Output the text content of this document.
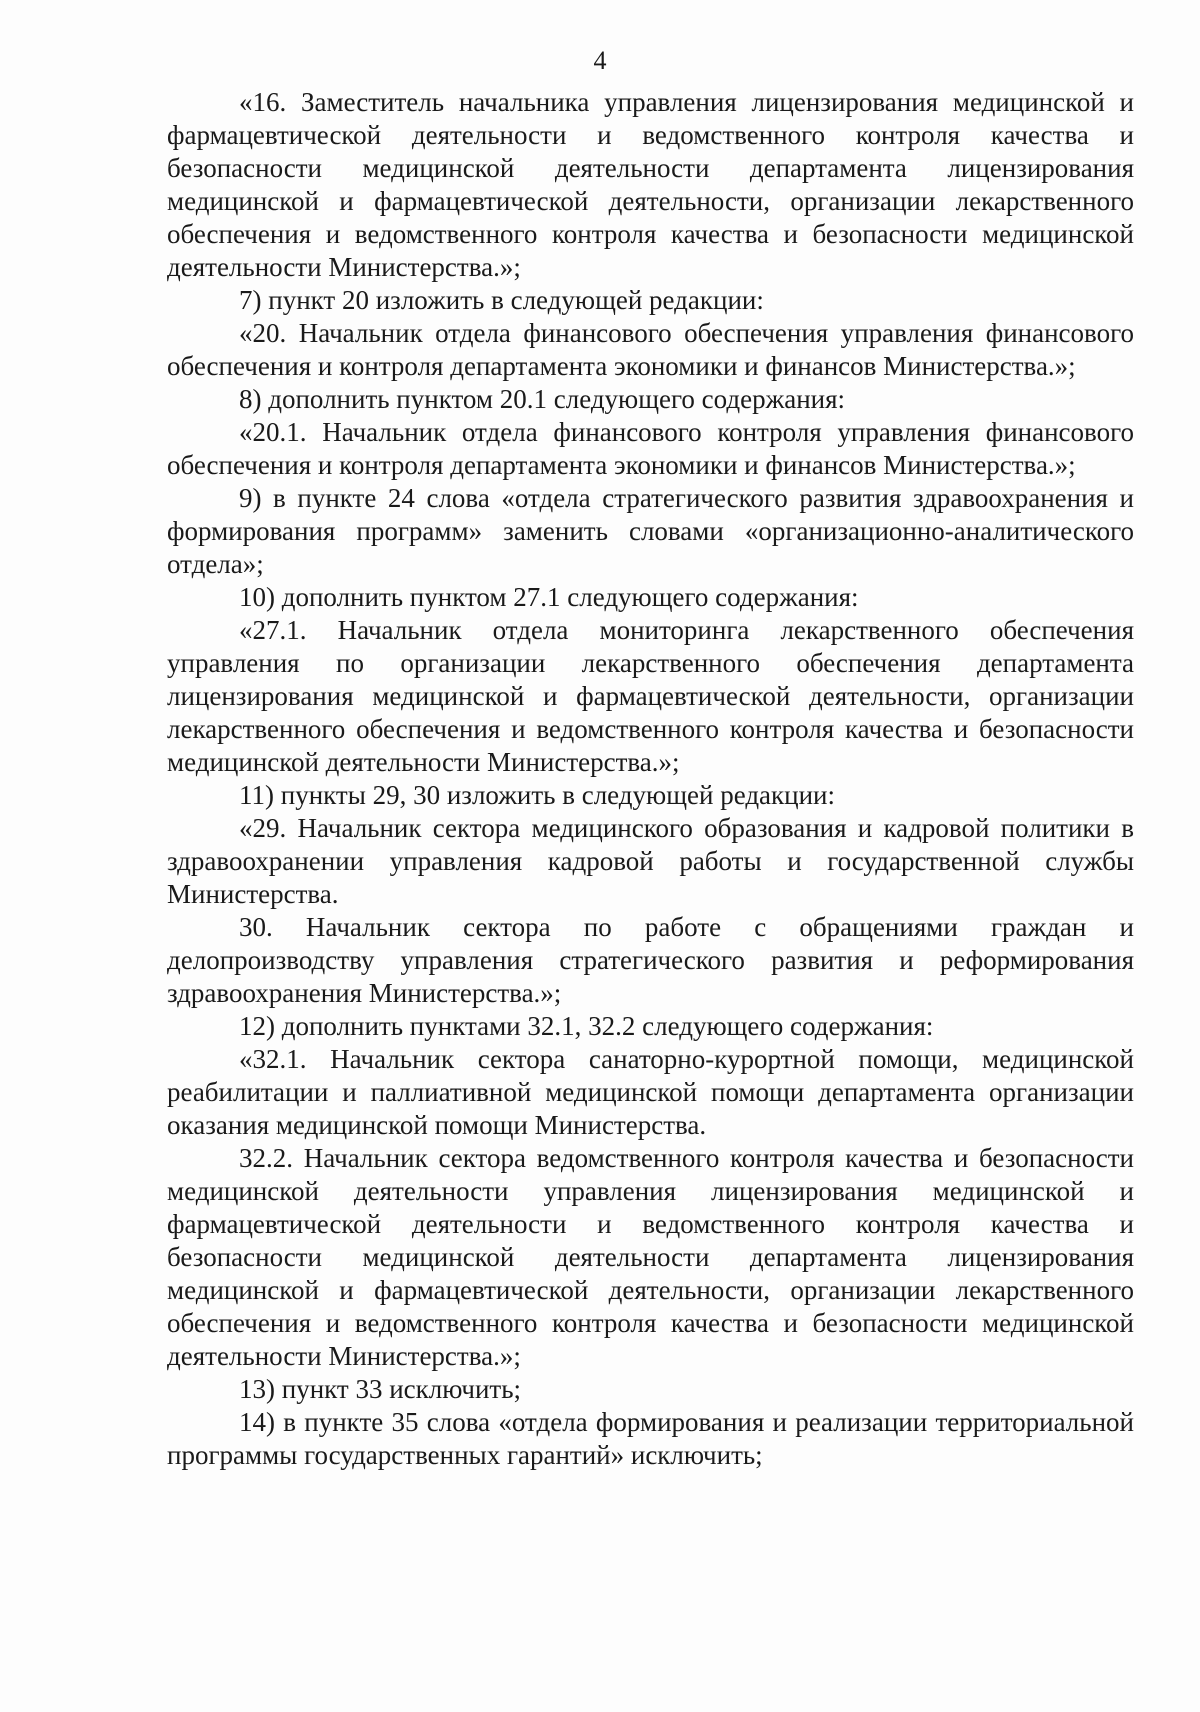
4

«16. Заместитель начальника управления лицензирования медицинской и фармацевтической деятельности и ведомственного контроля качества и безопасности медицинской деятельности департамента лицензирования медицинской и фармацевтической деятельности, организации лекарственного обеспечения и ведомственного контроля качества и безопасности медицинской деятельности Министерства.»;

7) пункт 20 изложить в следующей редакции:

«20. Начальник отдела финансового обеспечения управления финансового обеспечения и контроля департамента экономики и финансов Министерства.»;

8) дополнить пунктом 20.1 следующего содержания:

«20.1. Начальник отдела финансового контроля управления финансового обеспечения и контроля департамента экономики и финансов Министерства.»;

9) в пункте 24 слова «отдела стратегического развития здравоохранения и формирования программ» заменить словами «организационно-аналитического отдела»;

10) дополнить пунктом 27.1 следующего содержания:

«27.1. Начальник отдела мониторинга лекарственного обеспечения управления по организации лекарственного обеспечения департамента лицензирования медицинской и фармацевтической деятельности, организации лекарственного обеспечения и ведомственного контроля качества и безопасности медицинской деятельности Министерства.»;

11) пункты 29, 30 изложить в следующей редакции:

«29. Начальник сектора медицинского образования и кадровой политики в здравоохранении управления кадровой работы и государственной службы Министерства.

30. Начальник сектора по работе с обращениями граждан и делопроизводству управления стратегического развития и реформирования здравоохранения Министерства.»;

12) дополнить пунктами 32.1, 32.2 следующего содержания:

«32.1. Начальник сектора санаторно-курортной помощи, медицинской реабилитации и паллиативной медицинской помощи департамента организации оказания медицинской помощи Министерства.

32.2. Начальник сектора ведомственного контроля качества и безопасности медицинской деятельности управления лицензирования медицинской и фармацевтической деятельности и ведомственного контроля качества и безопасности медицинской деятельности департамента лицензирования медицинской и фармацевтической деятельности, организации лекарственного обеспечения и ведомственного контроля качества и безопасности медицинской деятельности Министерства.»;

13) пункт 33 исключить;

14) в пункте 35 слова «отдела формирования и реализации территориальной программы государственных гарантий» исключить;
